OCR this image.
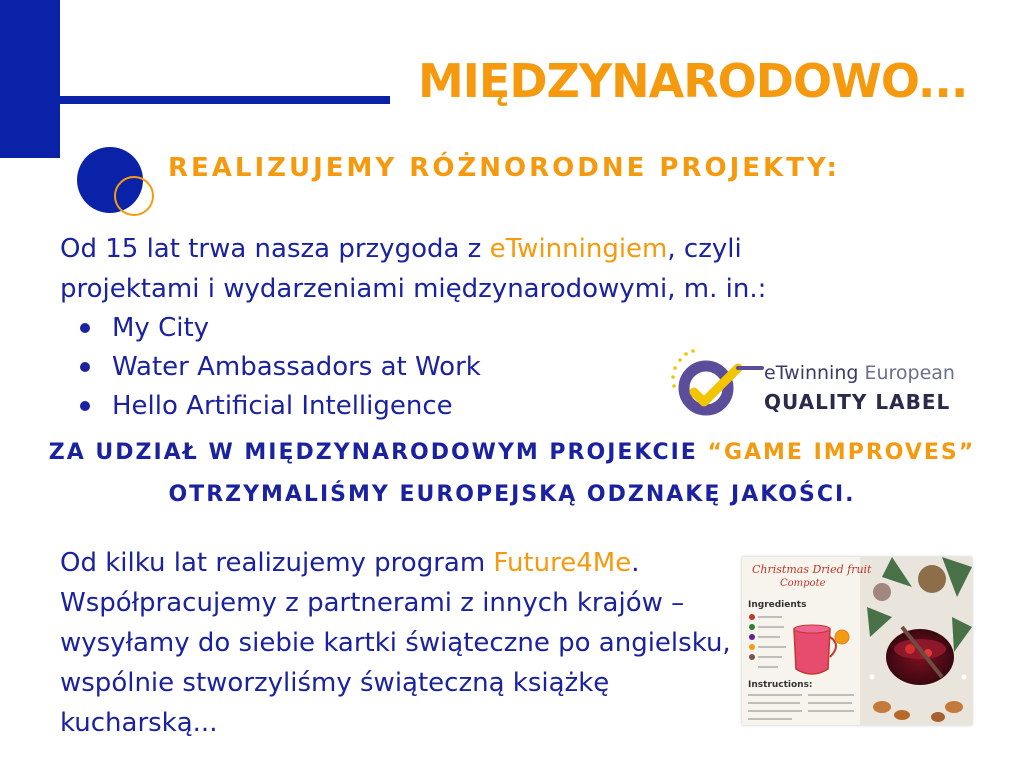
MIĘDZYNARODOWO...
REALIZUJEMY RÓŻNORODNE PROJEKTY:

Od 15 lat trwa nasza przygoda z eTwinningiem, czyli projektami i wydarzeniami międzynarodowymi, m. in.:

My City
Water Ambassadors at Work
Hello Artificial Intelligence
eTwinning European
QUALITY LABEL

ZA UDZIAŁ W MIĘDZYNARODOWYM PROJEKCIE “GAME IMPROVES” OTRZYMALIŚMY EUROPEJSKĄ ODZNAKĘ JAKOŚCI.

Od kilku lat realizujemy program Future4Me. Współpracujemy z partnerami z innych krajów – wysyłamy do siebie kartki świąteczne po angielsku, wspólnie stworzyliśmy świąteczną książkę kucharską...

Christmas Dried fruit
Compote
Ingredients
Instructions:
